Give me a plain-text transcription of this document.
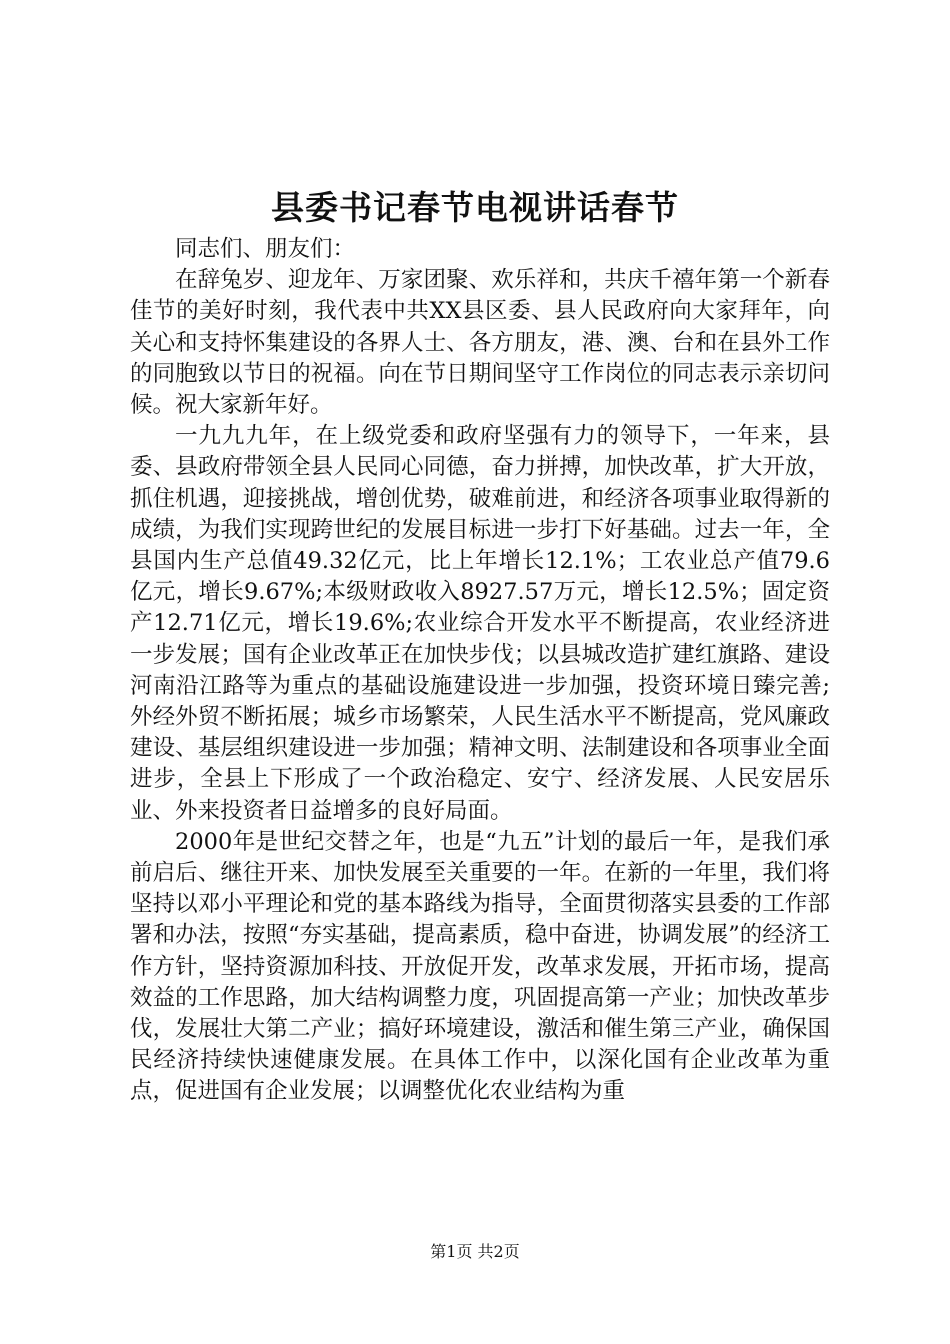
县委书记春节电视讲话春节

同志们、朋友们：

在辞兔岁、迎龙年、万家团聚、欢乐祥和，共庆千禧年第一个新春佳节的美好时刻，我代表中共XX县区委、县人民政府向大家拜年，向关心和支持怀集建设的各界人士、各方朋友，港、澳、台和在县外工作的同胞致以节日的祝福。向在节日期间坚守工作岗位的同志表示亲切问候。祝大家新年好。

一九九九年，在上级党委和政府坚强有力的领导下，一年来，县委、县政府带领全县人民同心同德，奋力拼搏，加快改革，扩大开放，抓住机遇，迎接挑战，增创优势，破难前进，和经济各项事业取得新的成绩，为我们实现跨世纪的发展目标进一步打下好基础。过去一年，全县国内生产总值49.32亿元，比上年增长12.1%；工农业总产值79.6亿元，增长9.67%;本级财政收入8927.57万元，增长12.5%；固定资产12.71亿元，增长19.6%;农业综合开发水平不断提高，农业经济进一步发展；国有企业改革正在加快步伐；以县城改造扩建红旗路、建设河南沿江路等为重点的基础设施建设进一步加强，投资环境日臻完善;外经外贸不断拓展；城乡市场繁荣，人民生活水平不断提高，党风廉政建设、基层组织建设进一步加强；精神文明、法制建设和各项事业全面进步，全县上下形成了一个政治稳定、安宁、经济发展、人民安居乐业、外来投资者日益增多的良好局面。

2000年是世纪交替之年，也是“九五”计划的最后一年，是我们承前启后、继往开来、加快发展至关重要的一年。在新的一年里，我们将坚持以邓小平理论和党的基本路线为指导，全面贯彻落实县委的工作部署和办法，按照“夯实基础，提高素质，稳中奋进，协调发展”的经济工作方针，坚持资源加科技、开放促开发，改革求发展，开拓市场，提高效益的工作思路，加大结构调整力度，巩固提高第一产业；加快改革步伐，发展壮大第二产业；搞好环境建设，激活和催生第三产业，确保国民经济持续快速健康发展。在具体工作中，以深化国有企业改革为重点，促进国有企业发展；以调整优化农业结构为重

第1页 共2页
